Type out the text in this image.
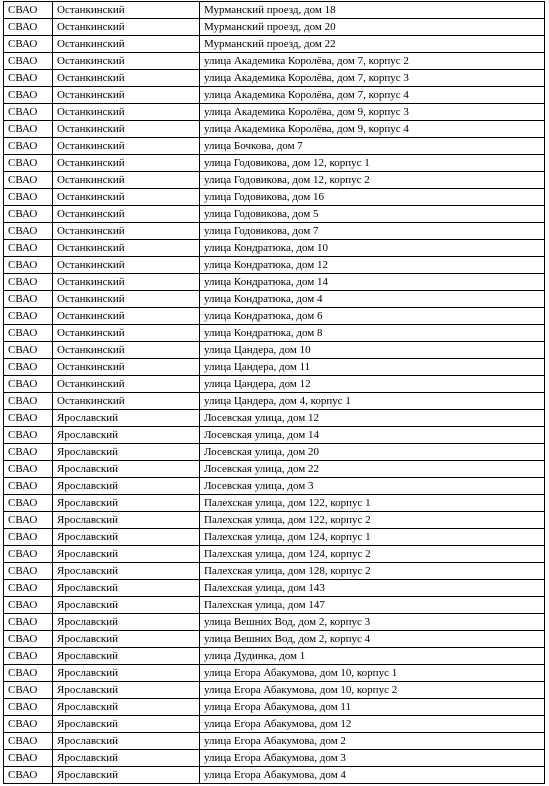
СВАО	Останкинский	Мурманский проезд, дом 18
СВАО	Останкинский	Мурманский проезд, дом 20
СВАО	Останкинский	Мурманский проезд, дом 22
СВАО	Останкинский	улица Академика Королёва, дом 7, корпус 2
СВАО	Останкинский	улица Академика Королёва, дом 7, корпус 3
СВАО	Останкинский	улица Академика Королёва, дом 7, корпус 4
СВАО	Останкинский	улица Академика Королёва, дом 9, корпус 3
СВАО	Останкинский	улица Академика Королёва, дом 9, корпус 4
СВАО	Останкинский	улица Бочкова, дом 7
СВАО	Останкинский	улица Годовикова, дом 12, корпус 1
СВАО	Останкинский	улица Годовикова, дом 12, корпус 2
СВАО	Останкинский	улица Годовикова, дом 16
СВАО	Останкинский	улица Годовикова, дом 5
СВАО	Останкинский	улица Годовикова, дом 7
СВАО	Останкинский	улица Кондратюка, дом 10
СВАО	Останкинский	улица Кондратюка, дом 12
СВАО	Останкинский	улица Кондратюка, дом 14
СВАО	Останкинский	улица Кондратюка, дом 4
СВАО	Останкинский	улица Кондратюка, дом 6
СВАО	Останкинский	улица Кондратюка, дом 8
СВАО	Останкинский	улица Цандера, дом 10
СВАО	Останкинский	улица Цандера, дом 11
СВАО	Останкинский	улица Цандера, дом 12
СВАО	Останкинский	улица Цандера, дом 4, корпус 1
СВАО	Ярославский	Лосевская улица, дом 12
СВАО	Ярославский	Лосевская улица, дом 14
СВАО	Ярославский	Лосевская улица, дом 20
СВАО	Ярославский	Лосевская улица, дом 22
СВАО	Ярославский	Лосевская улица, дом 3
СВАО	Ярославский	Палехская улица, дом 122, корпус 1
СВАО	Ярославский	Палехская улица, дом 122, корпус 2
СВАО	Ярославский	Палехская улица, дом 124, корпус 1
СВАО	Ярославский	Палехская улица, дом 124, корпус 2
СВАО	Ярославский	Палехская улица, дом 128, корпус 2
СВАО	Ярославский	Палехская улица, дом 143
СВАО	Ярославский	Палехская улица, дом 147
СВАО	Ярославский	улица Вешних Вод, дом 2, корпус 3
СВАО	Ярославский	улица Вешних Вод, дом 2, корпус 4
СВАО	Ярославский	улица Дудинка, дом 1
СВАО	Ярославский	улица Егора Абакумова, дом 10, корпус 1
СВАО	Ярославский	улица Егора Абакумова, дом 10, корпус 2
СВАО	Ярославский	улица Егора Абакумова, дом 11
СВАО	Ярославский	улица Егора Абакумова, дом 12
СВАО	Ярославский	улица Егора Абакумова, дом 2
СВАО	Ярославский	улица Егора Абакумова, дом 3
СВАО	Ярославский	улица Егора Абакумова, дом 4
